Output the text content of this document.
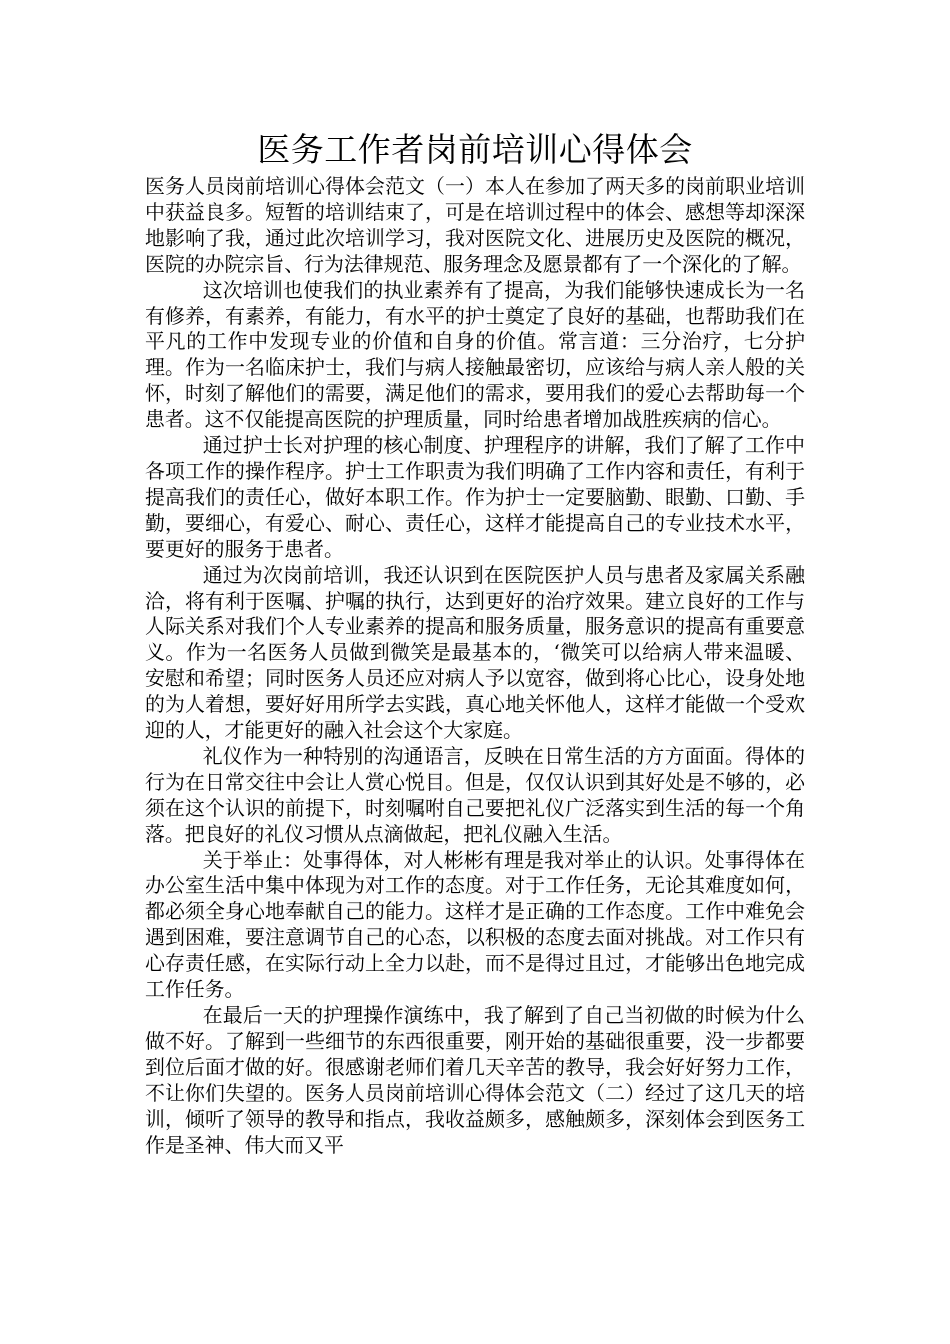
医务工作者岗前培训心得体会

医务人员岗前培训心得体会范文（一）本人在参加了两天多的岗前职业培训中获益良多。短暂的培训结束了，可是在培训过程中的体会、感想等却深深地影响了我，通过此次培训学习，我对医院文化、进展历史及医院的概况，医院的办院宗旨、行为法律规范、服务理念及愿景都有了一个深化的了解。

这次培训也使我们的执业素养有了提高，为我们能够快速成长为一名有修养，有素养，有能力，有水平的护士奠定了良好的基础，也帮助我们在平凡的工作中发现专业的价值和自身的价值。常言道：三分治疗，七分护理。作为一名临床护士，我们与病人接触最密切，应该给与病人亲人般的关怀，时刻了解他们的需要，满足他们的需求，要用我们的爱心去帮助每一个患者。这不仅能提高医院的护理质量，同时给患者增加战胜疾病的信心。

通过护士长对护理的核心制度、护理程序的讲解，我们了解了工作中各项工作的操作程序。护士工作职责为我们明确了工作内容和责任，有利于提高我们的责任心，做好本职工作。作为护士一定要脑勤、眼勤、口勤、手勤，要细心，有爱心、耐心、责任心，这样才能提高自己的专业技术水平，要更好的服务于患者。

通过为次岗前培训，我还认识到在医院医护人员与患者及家属关系融洽，将有利于医嘱、护嘱的执行，达到更好的治疗效果。建立良好的工作与人际关系对我们个人专业素养的提高和服务质量，服务意识的提高有重要意义。作为一名医务人员做到微笑是最基本的，‘微笑可以给病人带来温暖、安慰和希望；同时医务人员还应对病人予以宽容，做到将心比心，设身处地的为人着想，要好好用所学去实践，真心地关怀他人，这样才能做一个受欢迎的人，才能更好的融入社会这个大家庭。

礼仪作为一种特别的沟通语言，反映在日常生活的方方面面。得体的行为在日常交往中会让人赏心悦目。但是，仅仅认识到其好处是不够的，必须在这个认识的前提下，时刻嘱咐自己要把礼仪广泛落实到生活的每一个角落。把良好的礼仪习惯从点滴做起，把礼仪融入生活。

关于举止：处事得体，对人彬彬有理是我对举止的认识。处事得体在办公室生活中集中体现为对工作的态度。对于工作任务，无论其难度如何，都必须全身心地奉献自己的能力。这样才是正确的工作态度。工作中难免会遇到困难，要注意调节自己的心态，以积极的态度去面对挑战。对工作只有心存责任感，在实际行动上全力以赴，而不是得过且过，才能够出色地完成工作任务。

在最后一天的护理操作演练中，我了解到了自己当初做的时候为什么做不好。了解到一些细节的东西很重要，刚开始的基础很重要，没一步都要到位后面才做的好。很感谢老师们着几天辛苦的教导，我会好好努力工作，不让你们失望的。医务人员岗前培训心得体会范文（二）经过了这几天的培训，倾听了领导的教导和指点，我收益颇多，感触颇多，深刻体会到医务工作是圣神、伟大而又平
